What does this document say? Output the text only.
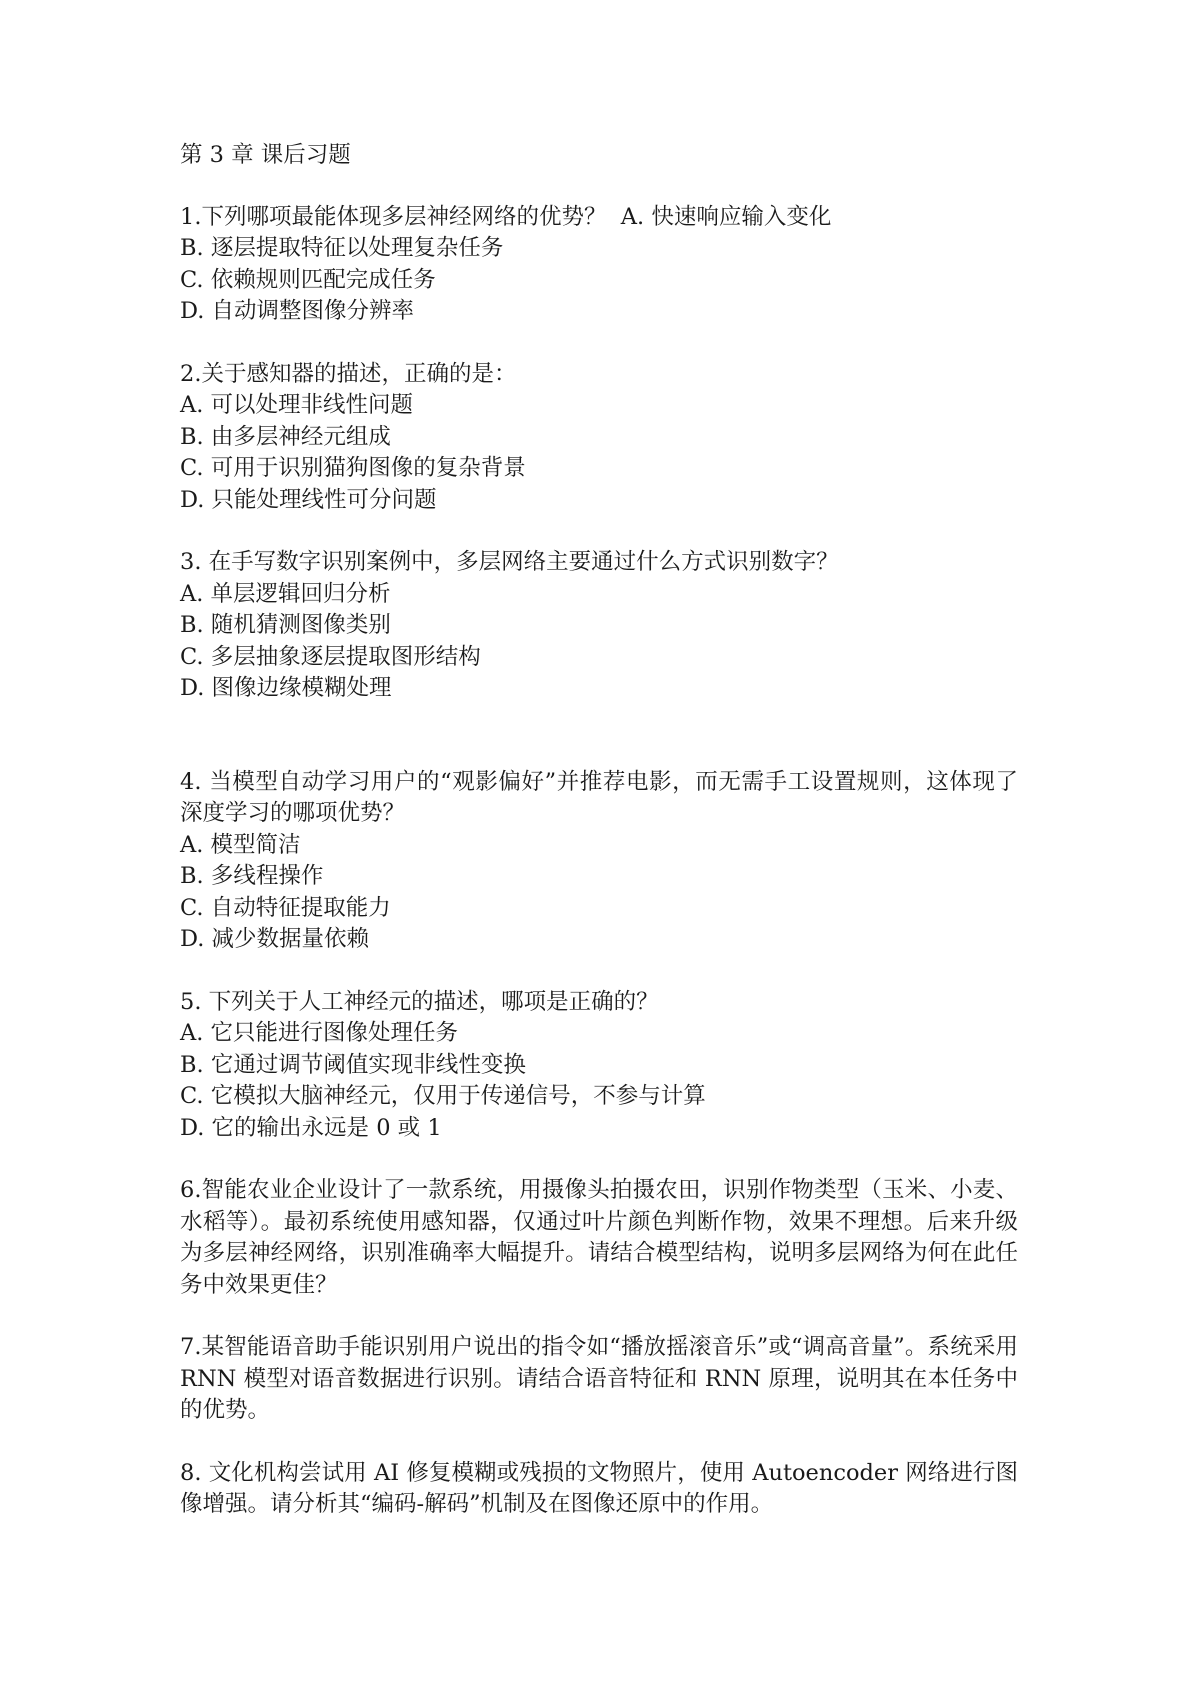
第 3 章 课后习题
1.下列哪项最能体现多层神经网络的优势？  A. 快速响应输入变化
B. 逐层提取特征以处理复杂任务
C. 依赖规则匹配完成任务
D. 自动调整图像分辨率
2.关于感知器的描述，正确的是：
A. 可以处理非线性问题
B. 由多层神经元组成
C. 可用于识别猫狗图像的复杂背景
D. 只能处理线性可分问题
3. 在手写数字识别案例中，多层网络主要通过什么方式识别数字？
A. 单层逻辑回归分析
B. 随机猜测图像类别
C. 多层抽象逐层提取图形结构
D. 图像边缘模糊处理
4. 当模型自动学习用户的“观影偏好”并推荐电影，而无需手工设置规则，这体现了深度学习的哪项优势？
A. 模型简洁
B. 多线程操作
C. 自动特征提取能力
D. 减少数据量依赖
5. 下列关于人工神经元的描述，哪项是正确的？
A. 它只能进行图像处理任务
B. 它通过调节阈值实现非线性变换
C. 它模拟大脑神经元，仅用于传递信号，不参与计算
D. 它的输出永远是 0 或 1
6.智能农业企业设计了一款系统，用摄像头拍摄农田，识别作物类型（玉米、小麦、水稻等）。最初系统使用感知器，仅通过叶片颜色判断作物，效果不理想。后来升级为多层神经网络，识别准确率大幅提升。请结合模型结构，说明多层网络为何在此任务中效果更佳？
7.某智能语音助手能识别用户说出的指令如“播放摇滚音乐”或“调高音量”。系统采用 RNN 模型对语音数据进行识别。请结合语音特征和 RNN 原理，说明其在本任务中的优势。
8. 文化机构尝试用 AI 修复模糊或残损的文物照片，使用 Autoencoder 网络进行图像增强。请分析其“编码-解码”机制及在图像还原中的作用。
